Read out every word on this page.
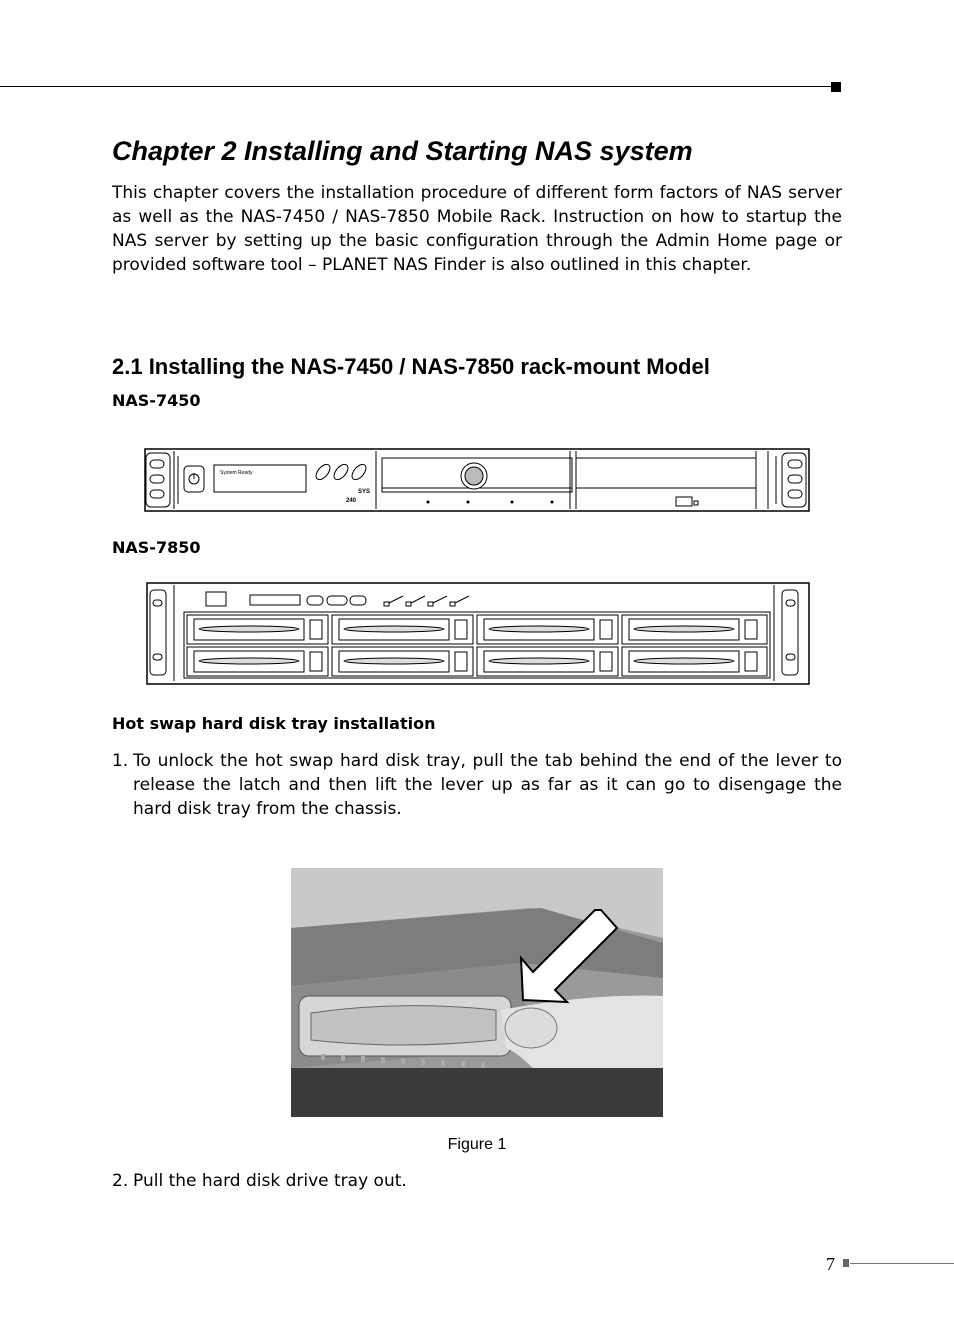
Chapter 2 Installing and Starting NAS system

This chapter covers the installation procedure of different form factors of NAS server as well as the NAS-7450 / NAS-7850 Mobile Rack. Instruction on how to startup the NAS server by setting up the basic configuration through the Admin Home page or provided software tool – PLANET NAS Finder is also outlined in this chapter.

2.1 Installing the NAS-7450 / NAS-7850 rack-mount Model

NAS-7450

System Ready
SYS
240

NAS-7850

Hot swap hard disk tray installation

1. To unlock the hot swap hard disk tray, pull the tab behind the end of the lever to release the latch and then lift the lever up as far as it can go to disengage the hard disk tray from the chassis.

Figure 1

2. Pull the hard disk drive tray out.
7
